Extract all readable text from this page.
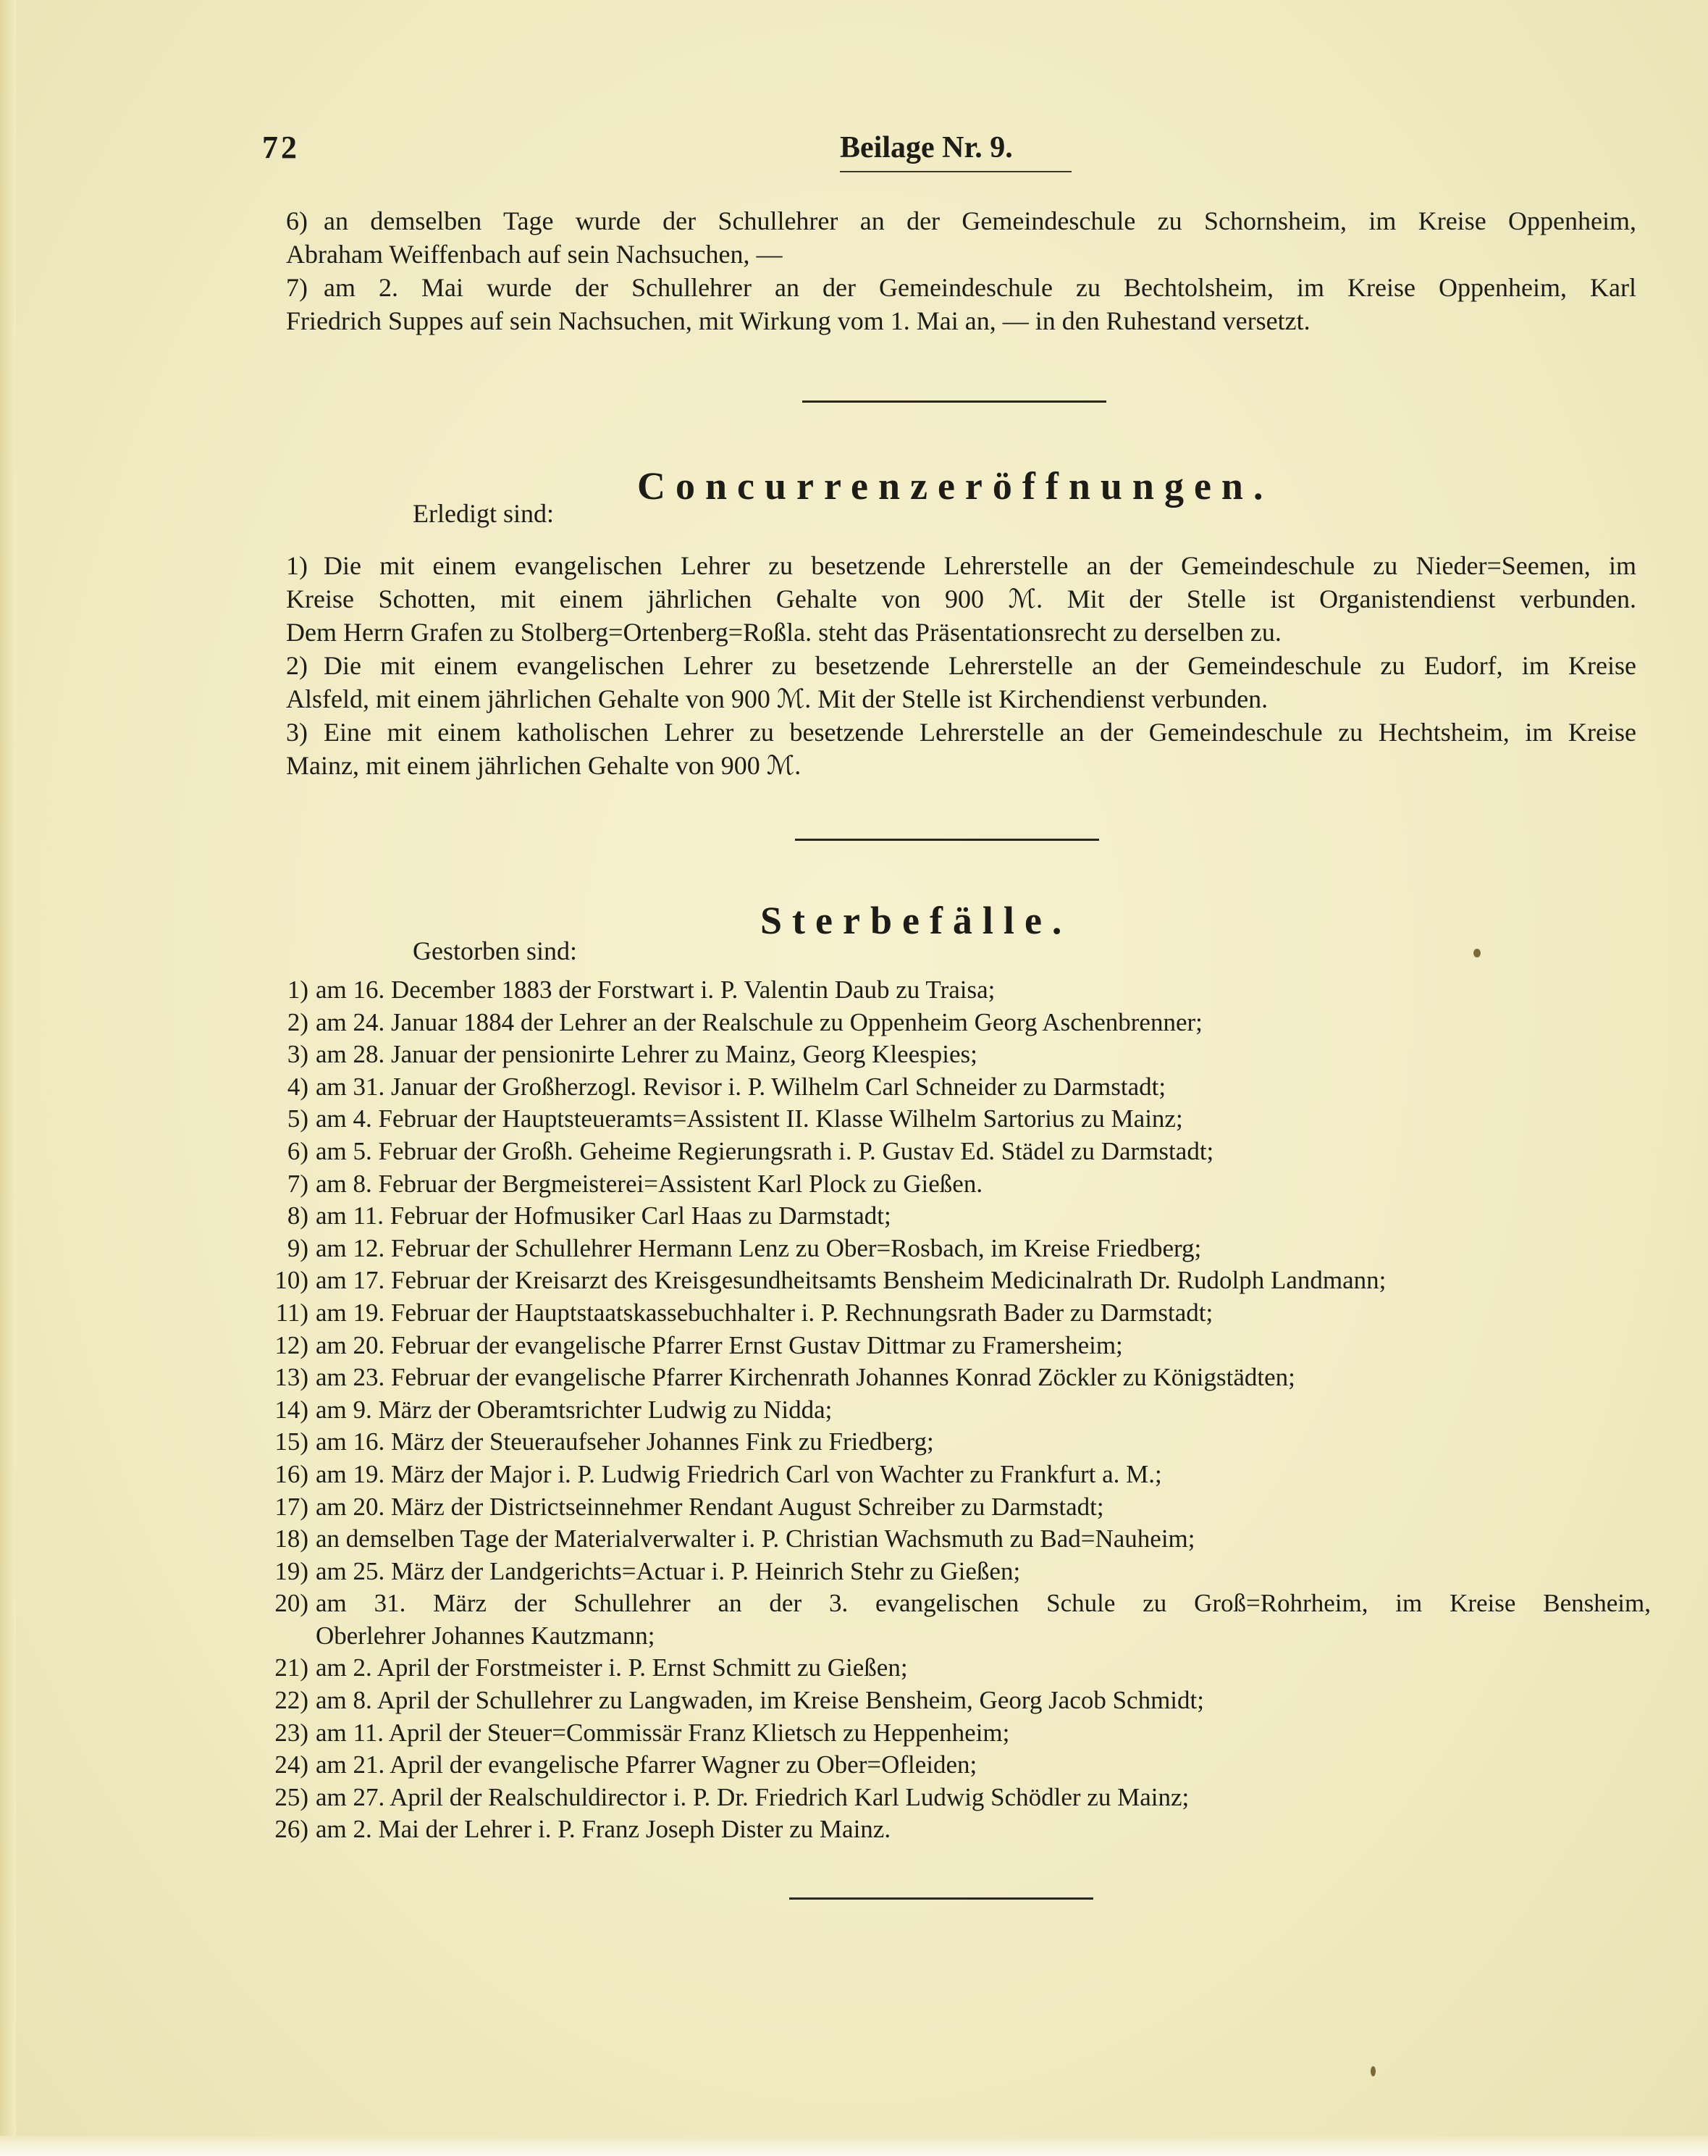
72	Beilage Nr. 9.
6) an demselben Tage wurde der Schullehrer an der Gemeindeschule zu Schornsheim, im Kreise Oppenheim,
Abraham Weiffenbach auf sein Nachsuchen, —
7) am 2. Mai wurde der Schullehrer an der Gemeindeschule zu Bechtolsheim, im Kreise Oppenheim, Karl
Friedrich Suppes auf sein Nachsuchen, mit Wirkung vom 1. Mai an, — in den Ruhestand versetzt.
Concurrenzeröffnungen.
Erledigt sind:
1) Die mit einem evangelischen Lehrer zu besetzende Lehrerstelle an der Gemeindeschule zu Nieder=Seemen, im
Kreise Schotten, mit einem jährlichen Gehalte von 900 ℳ. Mit der Stelle ist Organistendienst verbunden.
Dem Herrn Grafen zu Stolberg=Ortenberg=Roßla. steht das Präsentationsrecht zu derselben zu.
2) Die mit einem evangelischen Lehrer zu besetzende Lehrerstelle an der Gemeindeschule zu Eudorf, im Kreise
Alsfeld, mit einem jährlichen Gehalte von 900 ℳ. Mit der Stelle ist Kirchendienst verbunden.
3) Eine mit einem katholischen Lehrer zu besetzende Lehrerstelle an der Gemeindeschule zu Hechtsheim, im Kreise
Mainz, mit einem jährlichen Gehalte von 900 ℳ.
Sterbefälle.
Gestorben sind:
1) am 16. December 1883 der Forstwart i. P. Valentin Daub zu Traisa;
2) am 24. Januar 1884 der Lehrer an der Realschule zu Oppenheim Georg Aschenbrenner;
3) am 28. Januar der pensionirte Lehrer zu Mainz, Georg Kleespies;
4) am 31. Januar der Großherzogl. Revisor i. P. Wilhelm Carl Schneider zu Darmstadt;
5) am 4. Februar der Hauptsteueramts=Assistent II. Klasse Wilhelm Sartorius zu Mainz;
6) am 5. Februar der Großh. Geheime Regierungsrath i. P. Gustav Ed. Städel zu Darmstadt;
7) am 8. Februar der Bergmeisterei=Assistent Karl Plock zu Gießen.
8) am 11. Februar der Hofmusiker Carl Haas zu Darmstadt;
9) am 12. Februar der Schullehrer Hermann Lenz zu Ober=Rosbach, im Kreise Friedberg;
10) am 17. Februar der Kreisarzt des Kreisgesundheitsamts Bensheim Medicinalrath Dr. Rudolph Landmann;
11) am 19. Februar der Hauptstaatskassebuchhalter i. P. Rechnungsrath Bader zu Darmstadt;
12) am 20. Februar der evangelische Pfarrer Ernst Gustav Dittmar zu Framersheim;
13) am 23. Februar der evangelische Pfarrer Kirchenrath Johannes Konrad Zöckler zu Königstädten;
14) am 9. März der Oberamtsrichter Ludwig zu Nidda;
15) am 16. März der Steueraufseher Johannes Fink zu Friedberg;
16) am 19. März der Major i. P. Ludwig Friedrich Carl von Wachter zu Frankfurt a. M.;
17) am 20. März der Districtseinnehmer Rendant August Schreiber zu Darmstadt;
18) an demselben Tage der Materialverwalter i. P. Christian Wachsmuth zu Bad=Nauheim;
19) am 25. März der Landgerichts=Actuar i. P. Heinrich Stehr zu Gießen;
20) am 31. März der Schullehrer an der 3. evangelischen Schule zu Groß=Rohrheim, im Kreise Bensheim,
Oberlehrer Johannes Kautzmann;
21) am 2. April der Forstmeister i. P. Ernst Schmitt zu Gießen;
22) am 8. April der Schullehrer zu Langwaden, im Kreise Bensheim, Georg Jacob Schmidt;
23) am 11. April der Steuer=Commissär Franz Klietsch zu Heppenheim;
24) am 21. April der evangelische Pfarrer Wagner zu Ober=Ofleiden;
25) am 27. April der Realschuldirector i. P. Dr. Friedrich Karl Ludwig Schödler zu Mainz;
26) am 2. Mai der Lehrer i. P. Franz Joseph Dister zu Mainz.
